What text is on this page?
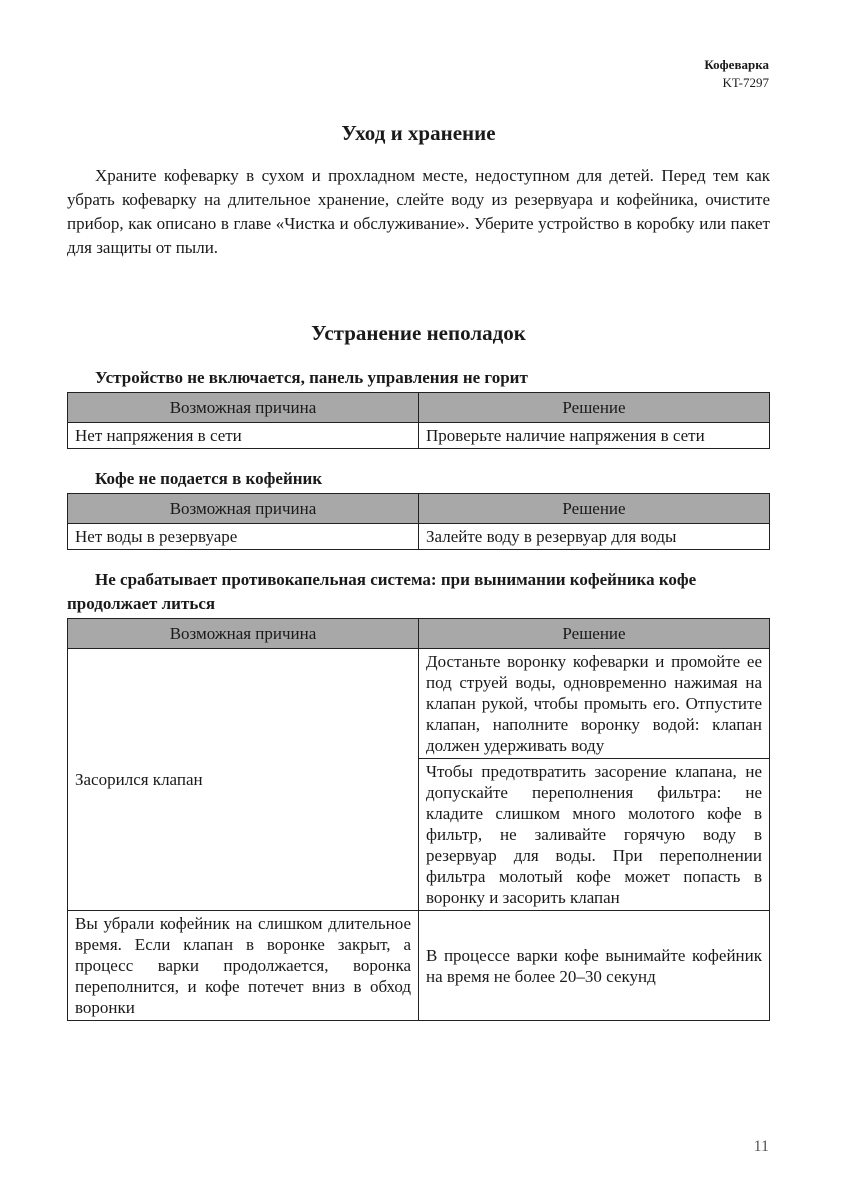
Кофеварка
KT-7297
Уход и хранение

Храните кофеварку в сухом и прохладном месте, недоступном для детей. Перед тем как убрать кофеварку на длительное хранение, слейте воду из резервуара и кофейника, очистите прибор, как описано в главе «Чистка и обслуживание». Уберите устройство в коробку или пакет для защиты от пыли.

Устранение неполадок
Устройство не включается, панель управления не горит
Возможная причина	Решение
Нет напряжения в сети	Проверьте наличие напряжения в сети
Кофе не подается в кофейник
Возможная причина	Решение
Нет воды в резервуаре	Залейте воду в резервуар для воды
Не срабатывает противокапельная система: при вынимании кофейника кофе продолжает литься
Возможная причина	Решение
Засорился клапан	Достаньте воронку кофеварки и промойте ее под струей воды, одновременно нажимая на клапан рукой, чтобы промыть его. Отпустите клапан, наполните воронку водой: клапан должен удерживать воду
	Чтобы предотвратить засорение клапана, не допускайте переполнения фильтра: не кладите слишком много молотого кофе в фильтр, не заливайте горячую воду в резервуар для воды. При переполнении фильтра молотый кофе может попасть в воронку и засорить клапан
Вы убрали кофейник на слишком длительное время. Если клапан в воронке закрыт, а процесс варки продолжается, воронка переполнится, и кофе потечет вниз в обход воронки	В процессе варки кофе вынимайте кофейник на время не более 20–30 секунд
11
